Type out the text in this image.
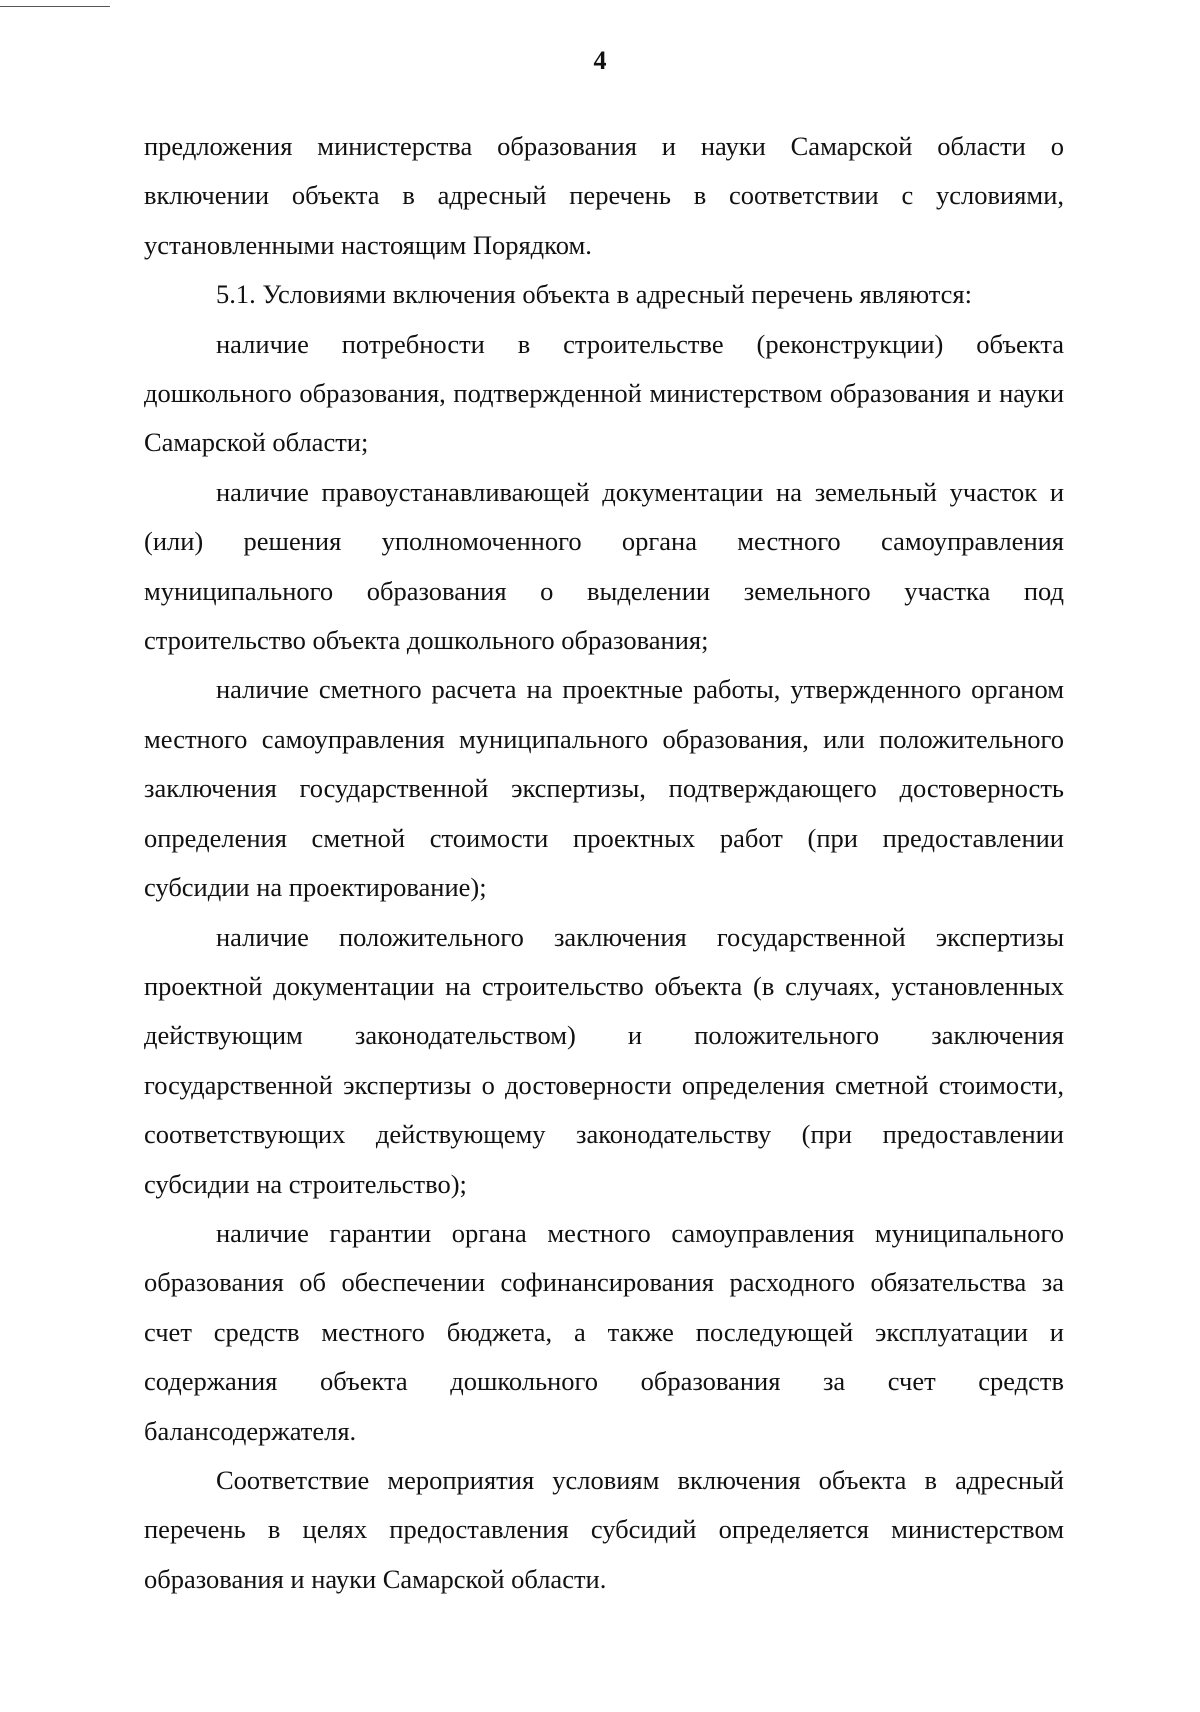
4

предложения министерства образования и науки Самарской области о включении объекта в адресный перечень в соответствии с условиями, установленными настоящим Порядком.

5.1. Условиями включения объекта в адресный перечень являются:

наличие потребности в строительстве (реконструкции) объекта дошкольного образования, подтвержденной министерством образования и науки Самарской области;

наличие правоустанавливающей документации на земельный участок и (или) решения уполномоченного органа местного самоуправления муниципального образования о выделении земельного участка под строительство объекта дошкольного образования;

наличие сметного расчета на проектные работы, утвержденного органом местного самоуправления муниципального образования, или положительного заключения государственной экспертизы, подтверждающего достоверность определения сметной стоимости проектных работ (при предоставлении субсидии на проектирование);

наличие положительного заключения государственной экспертизы проектной документации на строительство объекта (в случаях, установленных действующим законодательством) и положительного заключения государственной экспертизы о достоверности определения сметной стоимости, соответствующих действующему законодательству (при предоставлении субсидии на строительство);

наличие гарантии органа местного самоуправления муниципального образования об обеспечении софинансирования расходного обязательства за счет средств местного бюджета, а также последующей эксплуатации и содержания объекта дошкольного образования за счет средств балансодержателя.

Соответствие мероприятия условиям включения объекта в адресный перечень в целях предоставления субсидий определяется министерством образования и науки Самарской области.
